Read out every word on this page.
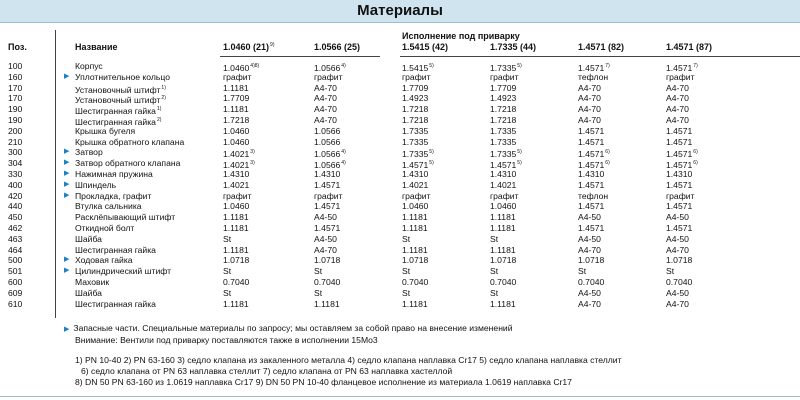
Материалы
Поз.	Название
Исполнение под приварку
1.0460 $(21)^{9)}$	1.0566 (25)	1.5415 (42)	1.7335 (44)	1.4571 (82)	1.4571 (87)
100	Корпус	$1.0460^{4)8)}$	1.0566$^{4)}$	1.5415$^{5)}$	1.7335$^{5)}$	1.4571$^{7)}$	1.4571$^{7)}$
160	▶ Уплотнительное кольцо	графит	графит	графит	графит	тефлон	графит
170	Установочный штифт$^{1)}$	1.1181	A4-70	1.7709	1.7709	A4-70	A4-70
170	Установочный штифт$^{2)}$	1.7709	A4-70	1.4923	1.4923	A4-70	A4-70
190	Шестигранная гайка$^{1)}$	1.1181	A4-70	1.7218	1.7218	A4-70	A4-70
190	Шестигранная гайка$^{2)}$	1.7218	A4-70	1.7218	1.7218	A4-70	A4-70
200	Крышка бугеля	1.0460	1.0566	1.7335	1.7335	1.4571	1.4571
210	Крышка обратного клапана	1.0460	1.0566	1.7335	1.7335	1.4571	1.4571
300	▶ Затвор	1.4021$^{3)}$	1.0566$^{4)}$	1.7335$^{5)}$	1.7335$^{5)}$	1.4571$^{6)}$	1.4571$^{6)}$
304	▶ Затвор обратного клапана	1.4021$^{3)}$	1.0566$^{4)}$	1.4571$^{5)}$	1.4571$^{5)}$	1.4571$^{6)}$	1.4571$^{6)}$
330	▶ Нажимная пружина	1.4310	1.4310	1.4310	1.4310	1.4310	1.4310
400	▶ Шпиндель	1.4021	1.4571	1.4021	1.4021	1.4571	1.4571
420	▶ Прокладка, графит	графит	графит	графит	графит	тефлон	графит
440	Втулка сальника	1.0460	1.4571	1.0460	1.0460	1.4571	1.4571
450	Расклёпывающий штифт	1.1181	A4-50	1.1181	1.1181	A4-50	A4-50
462	Откидной болт	1.1181	1.4571	1.1181	1.1181	1.4571	1.4571
463	Шайба	St	A4-50	St	St	A4-50	A4-50
464	Шестигранная гайка	1.1181	A4-70	1.1181	1.1181	A4-70	A4-70
500	▶ Ходовая гайка	1.0718	1.0718	1.0718	1.0718	1.0718	1.0718
501	▶ Цилиндрический штифт	St	St	St	St	St	St
600	Маховик	0.7040	0.7040	0.7040	0.7040	0.7040	0.7040
609	Шайба	St	St	St	St	A4-50	A4-50
610	Шестигранная гайка	1.1181	1.1181	1.1181	1.1181	A4-70	A4-70
▶ Запасные части. Специальные материалы по запросу; мы оставляем за собой право на внесение изменений
Внимание: Вентили под приварку поставляются также в исполнении 15Mo3
1) PN 10-40 2) PN 63-160 3) седло клапана из закаленного металла 4) седло клапана наплавка Cr17 5) седло клапана наплавка стеллит
6) седло клапана от PN 63 наплавка стеллит 7) седло клапана от PN 63 наплавка хастеллой
8) DN 50 PN 63-160 из 1.0619 наплавка Cr17 9) DN 50 PN 10-40 фланцевое исполнение из материала 1.0619 наплавка Cr17
